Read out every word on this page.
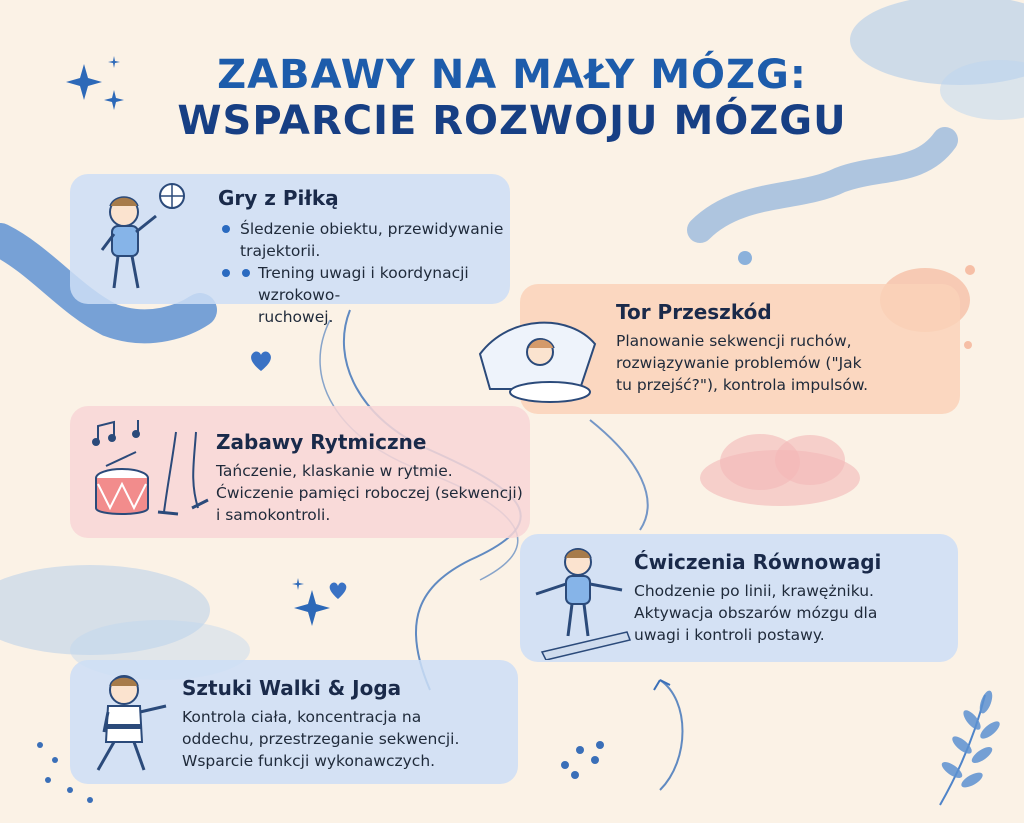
ZABAWY NA MAŁY MÓZG:
WSPARCIE ROZWOJU MÓZGU
Gry z Piłką
Śledzenie obiektu, przewidywanie trajektorii.
Trening uwagi i koordynacji wzrokowo-
ruchowej.	Tor Przeszkód

Planowanie sekwencji ruchów,

rozwiązywanie problemów ("Jak

tu przejść?"), kontrola impulsów.

Zabawy Rytmiczne

Tańczenie, klaskanie w rytmie.

Ćwiczenie pamięci roboczej (sekwencji)

i samokontroli.

Ćwiczenia Równowagi

Chodzenie po linii, krawężniku.

Aktywacja obszarów mózgu dla

uwagi i kontroli postawy.

Sztuki Walki & Joga

Kontrola ciała, koncentracja na

oddechu, przestrzeganie sekwencji.

Wsparcie funkcji wykonawczych.
